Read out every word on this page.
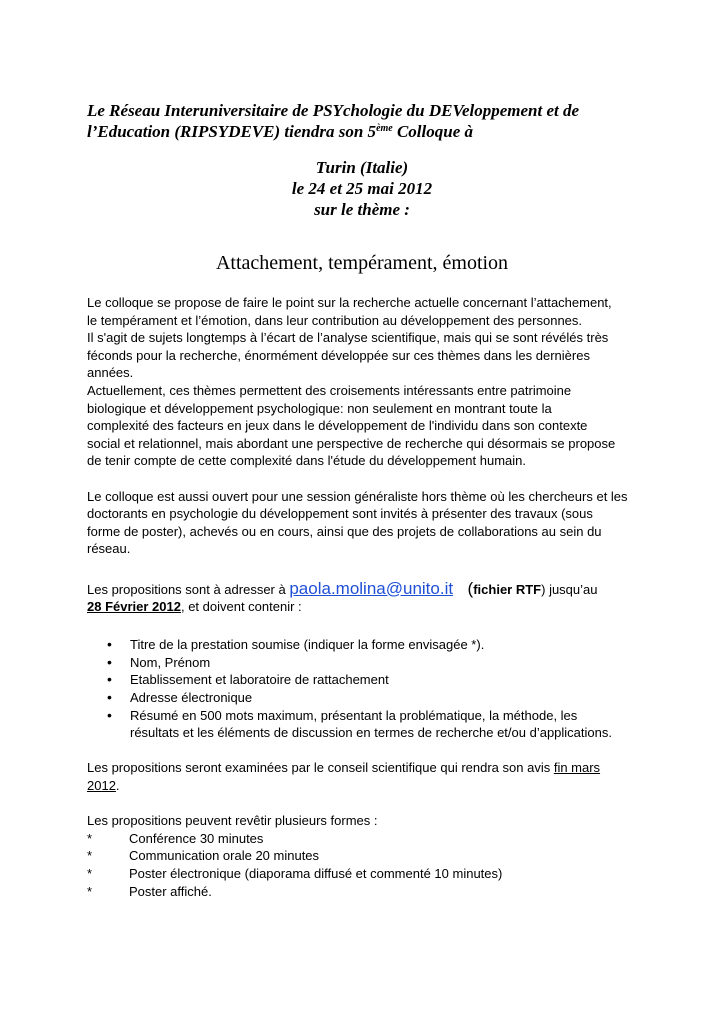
Le Réseau Interuniversitaire de PSYchologie du DEVeloppement et de
l’Education (RIPSYDEVE) tiendra son 5ème Colloque à
Turin (Italie)
le 24 et 25 mai 2012
sur le thème :
Attachement, tempérament, émotion

Le colloque se propose de faire le point sur la recherche actuelle concernant l’attachement,

le tempérament et l’émotion, dans leur contribution au développement des personnes.

Il s'agit de sujets longtemps à l’écart de l’analyse scientifique, mais qui se sont révélés très

féconds pour la recherche, énormément développée sur ces thèmes dans les dernières

années.

Actuellement, ces thèmes permettent des croisements intéressants entre patrimoine

biologique et développement psychologique: non seulement en montrant toute la

complexité des facteurs en jeux dans le développement de l'individu dans son contexte

social et relationnel, mais abordant une perspective de recherche qui désormais se propose

de tenir compte de cette complexité dans l'étude du développement humain.

Le colloque est aussi ouvert pour une session généraliste hors thème où les chercheurs et les

doctorants en psychologie du développement sont invités à présenter des travaux (sous

forme de poster), achevés ou en cours, ainsi que des projets de collaborations au sein du

réseau.

Les propositions sont à adresser à paola.molina@unito.it (fichier RTF) jusqu’au

28 Février 2012, et doivent contenir :

• Titre de la prestation soumise (indiquer la forme envisagée *).
• Nom, Prénom
• Etablissement et laboratoire de rattachement
• Adresse électronique
• Résumé en 500 mots maximum, présentant la problématique, la méthode, les

résultats et les éléments de discussion en termes de recherche et/ou d’applications.

Les propositions seront examinées par le conseil scientifique qui rendra son avis fin mars

2012.

Les propositions peuvent revêtir plusieurs formes :

*	Conférence 30 minutes
*	Communication orale 20 minutes
*	Poster électronique (diaporama diffusé et commenté 10 minutes)
*	Poster affiché.
